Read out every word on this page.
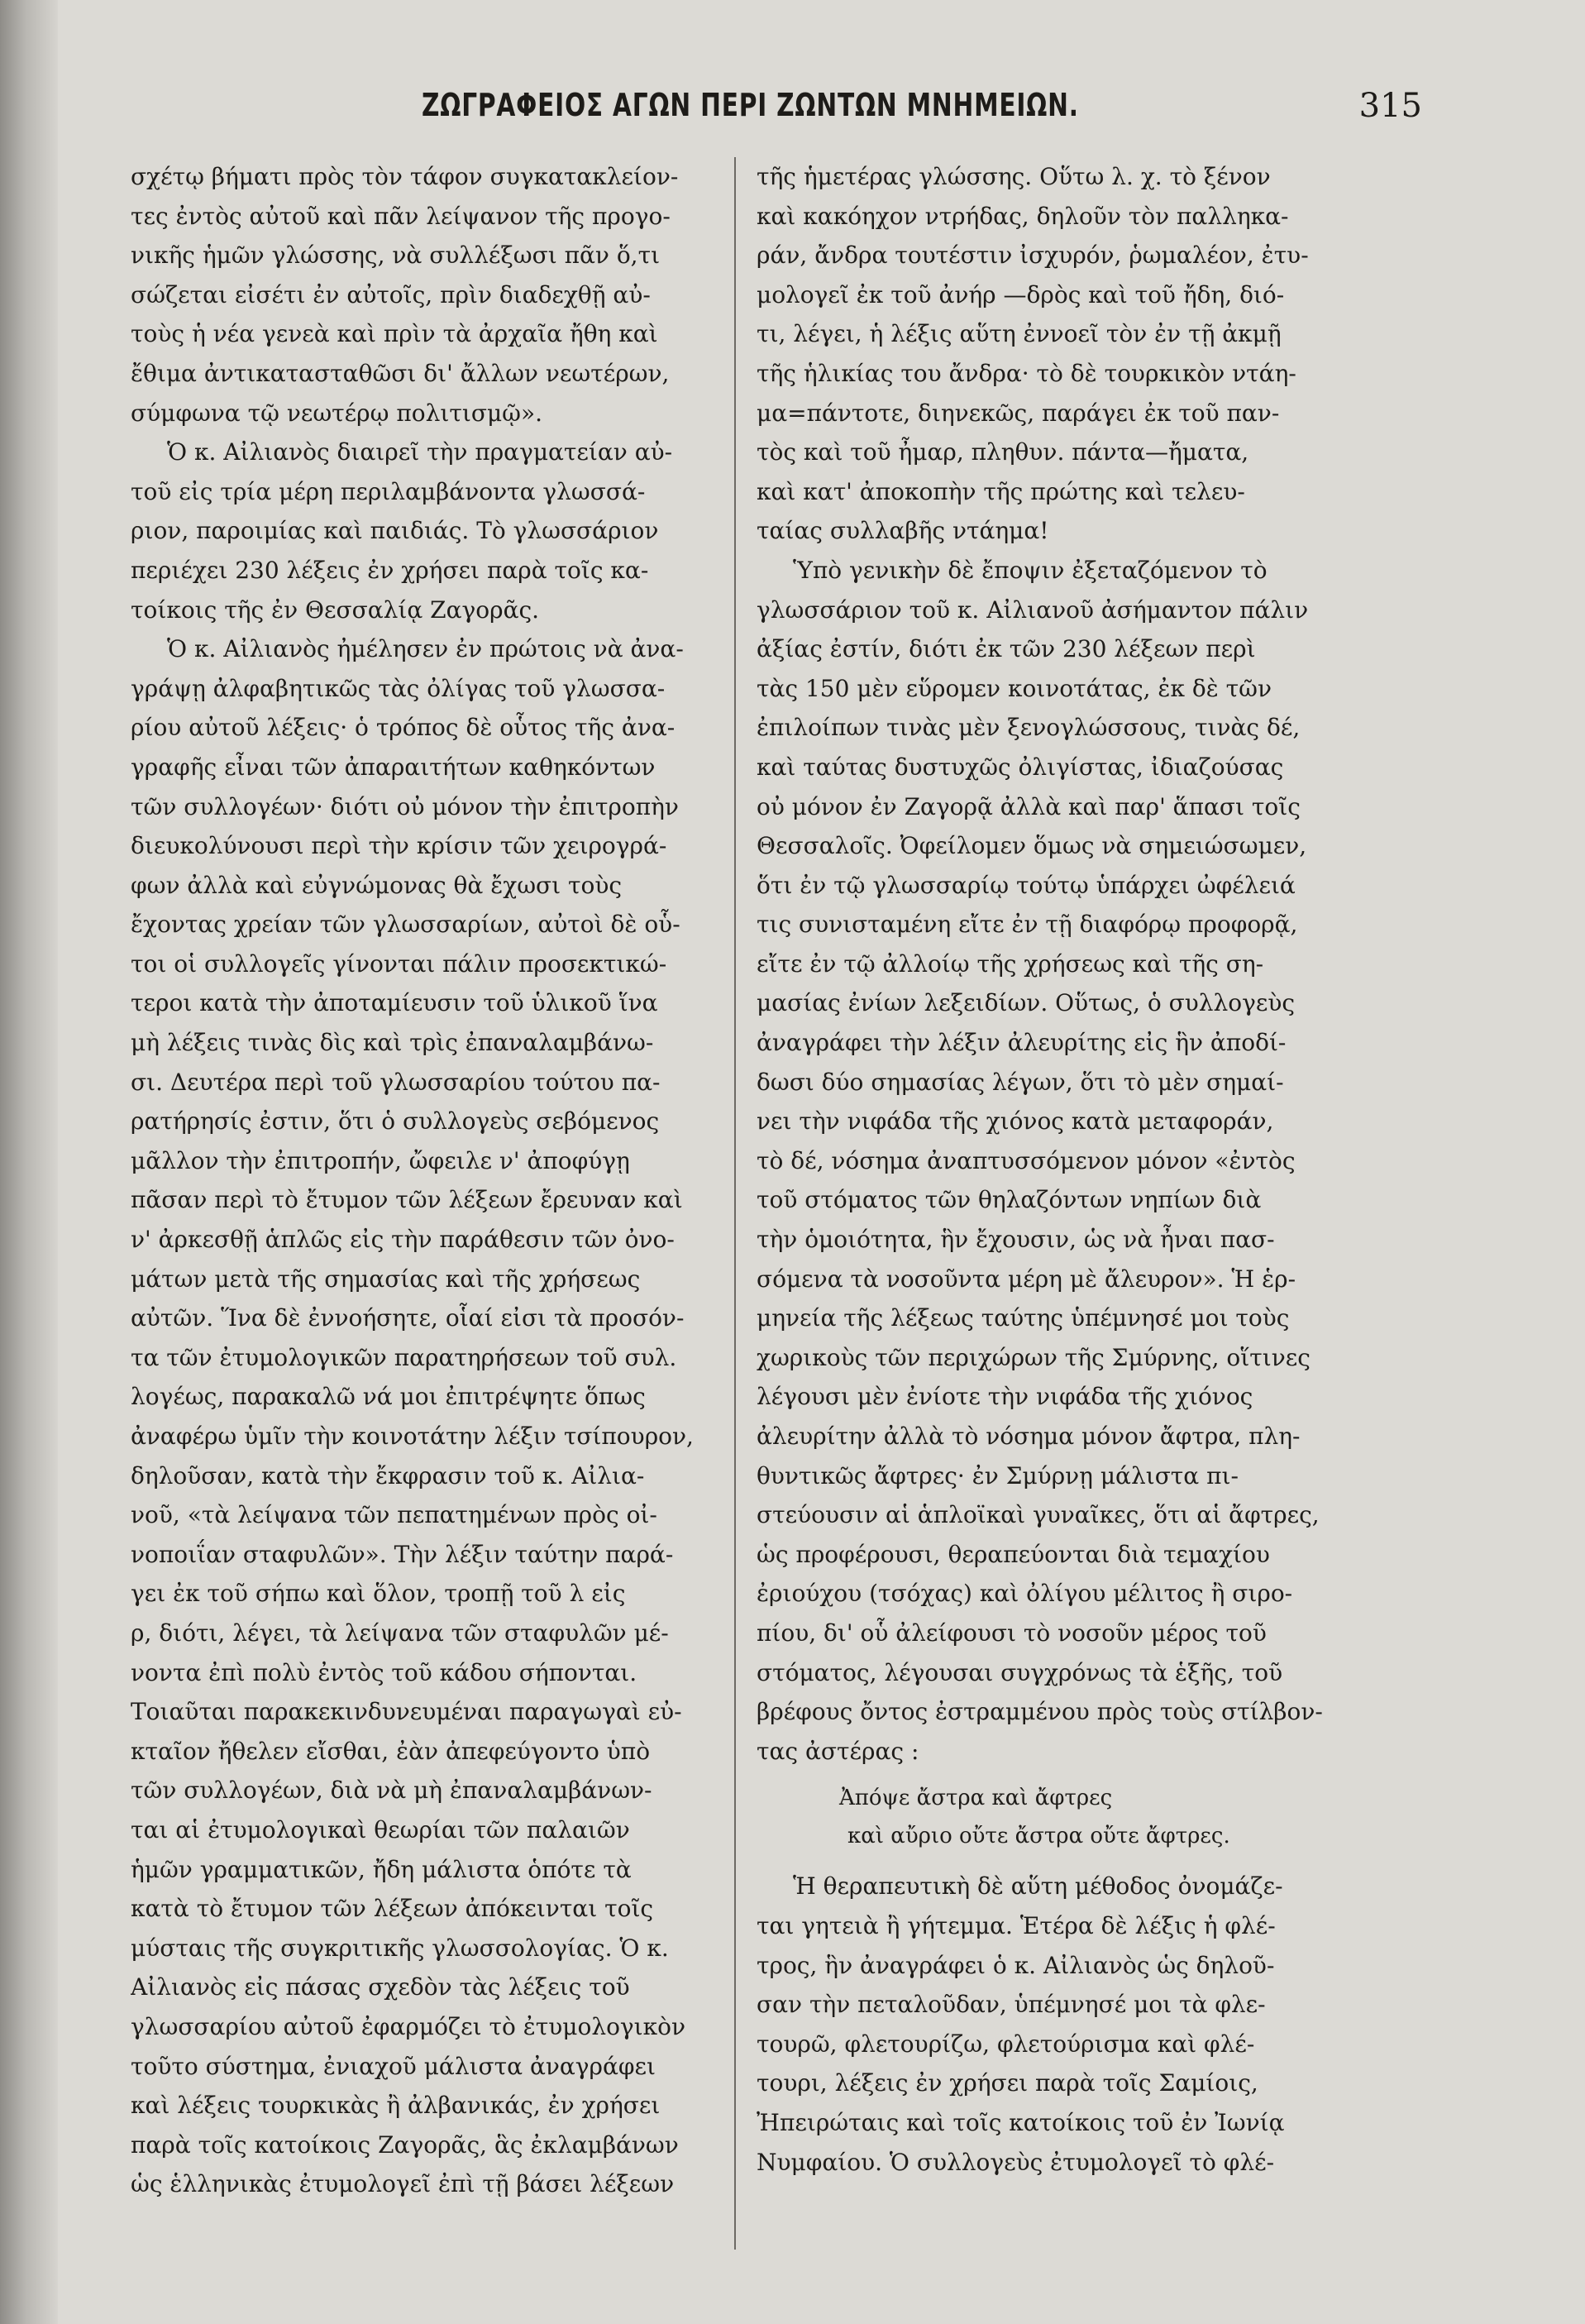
ΖΩΓΡΑΦΕΙΟΣ ΑΓΩΝ ΠΕΡΙ ΖΩΝΤΩΝ ΜΝΗΜΕΙΩΝ.	315
σχέτῳ βήματι πρὸς τὸν τάφον συγκατακλείον-
τες ἐντὸς αὐτοῦ καὶ πᾶν λείψανον τῆς προγο-
νικῆς ἡμῶν γλώσσης, νὰ συλλέξωσι πᾶν ὅ,τι
σώζεται εἰσέτι ἐν αὐτοῖς, πρὶν διαδεχθῇ αὐ-
τοὺς ἡ νέα γενεὰ καὶ πρὶν τὰ ἀρχαῖα ἤθη καὶ
ἔθιμα ἀντικατασταθῶσι δι' ἄλλων νεωτέρων,
σύμφωνα τῷ νεωτέρῳ πολιτισμῷ».
Ὁ κ. Αἰλιανὸς διαιρεῖ τὴν πραγματείαν αὐ-
τοῦ εἰς τρία μέρη περιλαμβάνοντα γλωσσά-
ριον, παροιμίας καὶ παιδιάς. Τὸ γλωσσάριον
περιέχει 230 λέξεις ἐν χρήσει παρὰ τοῖς κα-
τοίκοις τῆς ἐν Θεσσαλίᾳ Ζαγορᾶς.
Ὁ κ. Αἰλιανὸς ἠμέλησεν ἐν πρώτοις νὰ ἀνα-
γράψῃ ἀλφαβητικῶς τὰς ὀλίγας τοῦ γλωσσα-
ρίου αὐτοῦ λέξεις· ὁ τρόπος δὲ οὗτος τῆς ἀνα-
γραφῆς εἶναι τῶν ἀπαραιτήτων καθηκόντων
τῶν συλλογέων· διότι οὐ μόνον τὴν ἐπιτροπὴν
διευκολύνουσι περὶ τὴν κρίσιν τῶν χειρογρά-
φων ἀλλὰ καὶ εὐγνώμονας θὰ ἔχωσι τοὺς
ἔχοντας χρείαν τῶν γλωσσαρίων, αὐτοὶ δὲ οὗ-
τοι οἱ συλλογεῖς γίνονται πάλιν προσεκτικώ-
τεροι κατὰ τὴν ἀποταμίευσιν τοῦ ὑλικοῦ ἵνα
μὴ λέξεις τινὰς δὶς καὶ τρὶς ἐπαναλαμβάνω-
σι. Δευτέρα περὶ τοῦ γλωσσαρίου τούτου πα-
ρατήρησίς ἐστιν, ὅτι ὁ συλλογεὺς σεβόμενος
μᾶλλον τὴν ἐπιτροπήν, ὤφειλε ν' ἀποφύγῃ
πᾶσαν περὶ τὸ ἔτυμον τῶν λέξεων ἔρευναν καὶ
ν' ἀρκεσθῇ ἁπλῶς εἰς τὴν παράθεσιν τῶν ὀνο-
μάτων μετὰ τῆς σημασίας καὶ τῆς χρήσεως
αὐτῶν. Ἵνα δὲ ἐννοήσητε, οἷαί εἰσι τὰ προσόν-
τα τῶν ἐτυμολογικῶν παρατηρήσεων τοῦ συλ.
λογέως, παρακαλῶ νά μοι ἐπιτρέψητε ὅπως
ἀναφέρω ὑμῖν τὴν κοινοτάτην λέξιν τσίπουρον,
δηλοῦσαν, κατὰ τὴν ἔκφρασιν τοῦ κ. Αἰλια-
νοῦ, «τὰ λείψανα τῶν πεπατημένων πρὸς οἰ-
νοποιΐαν σταφυλῶν». Τὴν λέξιν ταύτην παρά-
γει ἐκ τοῦ σήπω καὶ ὅλον, τροπῇ τοῦ λ εἰς
ρ, διότι, λέγει, τὰ λείψανα τῶν σταφυλῶν μέ-
νοντα ἐπὶ πολὺ ἐντὸς τοῦ κάδου σήπονται.
Τοιαῦται παρακεκινδυνευμέναι παραγωγαὶ εὐ-
κταῖον ἤθελεν εἴσθαι, ἐὰν ἀπεφεύγοντο ὑπὸ
τῶν συλλογέων, διὰ νὰ μὴ ἐπαναλαμβάνων-
ται αἱ ἐτυμολογικαὶ θεωρίαι τῶν παλαιῶν
ἡμῶν γραμματικῶν, ἤδη μάλιστα ὁπότε τὰ
κατὰ τὸ ἔτυμον τῶν λέξεων ἀπόκεινται τοῖς
μύσταις τῆς συγκριτικῆς γλωσσολογίας. Ὁ κ.
Αἰλιανὸς εἰς πάσας σχεδὸν τὰς λέξεις τοῦ
γλωσσαρίου αὐτοῦ ἐφαρμόζει τὸ ἐτυμολογικὸν
τοῦτο σύστημα, ἐνιαχοῦ μάλιστα ἀναγράφει
καὶ λέξεις τουρκικὰς ἢ ἀλβανικάς, ἐν χρήσει
παρὰ τοῖς κατοίκοις Ζαγορᾶς, ἃς ἐκλαμβάνων
ὡς ἑλληνικὰς ἐτυμολογεῖ ἐπὶ τῇ βάσει λέξεων
τῆς ἡμετέρας γλώσσης. Οὕτω λ. χ. τὸ ξένον
καὶ κακόηχον ντρήδας, δηλοῦν τὸν παλληκα-
ράν, ἄνδρα τουτέστιν ἰσχυρόν, ῥωμαλέον, ἐτυ-
μολογεῖ ἐκ τοῦ ἀνήρ —δρὸς καὶ τοῦ ἤδη, διό-
τι, λέγει, ἡ λέξις αὕτη ἐννοεῖ τὸν ἐν τῇ ἀκμῇ
τῆς ἡλικίας του ἄνδρα· τὸ δὲ τουρκικὸν ντάη-
μα=πάντοτε, διηνεκῶς, παράγει ἐκ τοῦ παν-
τὸς καὶ τοῦ ἦμαρ, πληθυν. πάντα—ἤματα,
καὶ κατ' ἀποκοπὴν τῆς πρώτης καὶ τελευ-
ταίας συλλαβῆς ντάημα!
Ὑπὸ γενικὴν δὲ ἔποψιν ἐξεταζόμενον τὸ
γλωσσάριον τοῦ κ. Αἰλιανοῦ ἀσήμαντον πάλιν
ἀξίας ἐστίν, διότι ἐκ τῶν 230 λέξεων περὶ
τὰς 150 μὲν εὕρομεν κοινοτάτας, ἐκ δὲ τῶν
ἐπιλοίπων τινὰς μὲν ξενογλώσσους, τινὰς δέ,
καὶ ταύτας δυστυχῶς ὀλιγίστας, ἰδιαζούσας
οὐ μόνον ἐν Ζαγορᾷ ἀλλὰ καὶ παρ' ἅπασι τοῖς
Θεσσαλοῖς. Ὀφείλομεν ὅμως νὰ σημειώσωμεν,
ὅτι ἐν τῷ γλωσσαρίῳ τούτῳ ὑπάρχει ὠφέλειά
τις συνισταμένη εἴτε ἐν τῇ διαφόρῳ προφορᾷ,
εἴτε ἐν τῷ ἀλλοίῳ τῆς χρήσεως καὶ τῆς ση-
μασίας ἐνίων λεξειδίων. Οὕτως, ὁ συλλογεὺς
ἀναγράφει τὴν λέξιν ἀλευρίτης εἰς ἣν ἀποδί-
δωσι δύο σημασίας λέγων, ὅτι τὸ μὲν σημαί-
νει τὴν νιφάδα τῆς χιόνος κατὰ μεταφοράν,
τὸ δέ, νόσημα ἀναπτυσσόμενον μόνον «ἐντὸς
τοῦ στόματος τῶν θηλαζόντων νηπίων διὰ
τὴν ὁμοιότητα, ἣν ἔχουσιν, ὡς νὰ ἦναι πασ-
σόμενα τὰ νοσοῦντα μέρη μὲ ἄλευρον». Ἡ ἑρ-
μηνεία τῆς λέξεως ταύτης ὑπέμνησέ μοι τοὺς
χωρικοὺς τῶν περιχώρων τῆς Σμύρνης, οἵτινες
λέγουσι μὲν ἐνίοτε τὴν νιφάδα τῆς χιόνος
ἀλευρίτην ἀλλὰ τὸ νόσημα μόνον ἄφτρα, πλη-
θυντικῶς ἄφτρες· ἐν Σμύρνῃ μάλιστα πι-
στεύουσιν αἱ ἁπλοϊκαὶ γυναῖκες, ὅτι αἱ ἄφτρες,
ὡς προφέρουσι, θεραπεύονται διὰ τεμαχίου
ἐριούχου (τσόχας) καὶ ὀλίγου μέλιτος ἢ σιρο-
πίου, δι' οὗ ἀλείφουσι τὸ νοσοῦν μέρος τοῦ
στόματος, λέγουσαι συγχρόνως τὰ ἑξῆς, τοῦ
βρέφους ὄντος ἐστραμμένου πρὸς τοὺς στίλβον-
τας ἀστέρας :
Ἀπόψε ἄστρα καὶ ἄφτρες
καὶ αὔριο οὔτε ἄστρα οὔτε ἄφτρες.
Ἡ θεραπευτικὴ δὲ αὕτη μέθοδος ὀνομάζε-
ται γητειὰ ἢ γήτεμμα. Ἑτέρα δὲ λέξις ἡ φλέ-
τρος, ἣν ἀναγράφει ὁ κ. Αἰλιανὸς ὡς δηλοῦ-
σαν τὴν πεταλοῦδαν, ὑπέμνησέ μοι τὰ φλε-
τουρῶ, φλετουρίζω, φλετούρισμα καὶ φλέ-
τουρι, λέξεις ἐν χρήσει παρὰ τοῖς Σαμίοις,
Ἠπειρώταις καὶ τοῖς κατοίκοις τοῦ ἐν Ἰωνίᾳ
Νυμφαίου. Ὁ συλλογεὺς ἐτυμολογεῖ τὸ φλέ-
